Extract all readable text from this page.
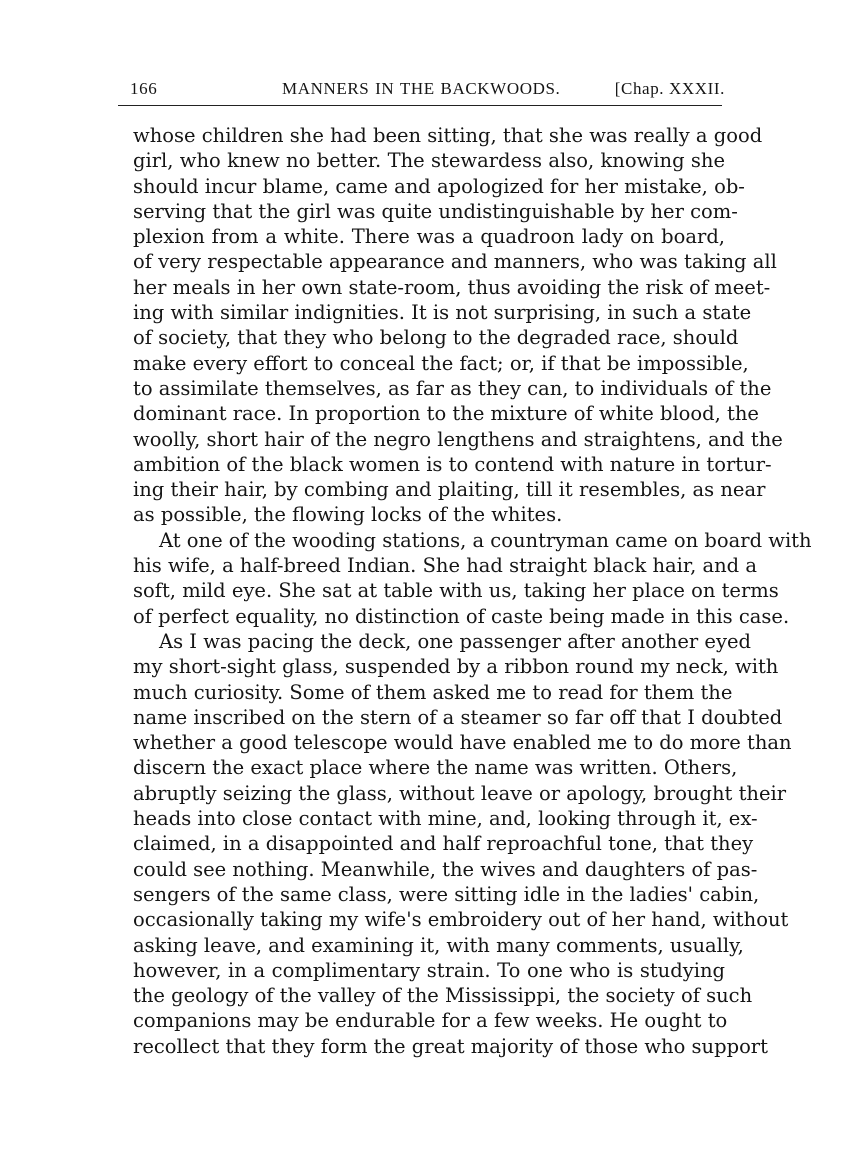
166	MANNERS IN THE BACKWOODS.	[Chap. XXXII.
whose children she had been sitting, that she was really a good
girl, who knew no better. The stewardess also, knowing she
should incur blame, came and apologized for her mistake, ob-
serving that the girl was quite undistinguishable by her com-
plexion from a white. There was a quadroon lady on board,
of very respectable appearance and manners, who was taking all
her meals in her own state-room, thus avoiding the risk of meet-
ing with similar indignities. It is not surprising, in such a state
of society, that they who belong to the degraded race, should
make every effort to conceal the fact; or, if that be impossible,
to assimilate themselves, as far as they can, to individuals of the
dominant race. In proportion to the mixture of white blood, the
woolly, short hair of the negro lengthens and straightens, and the
ambition of the black women is to contend with nature in tortur-
ing their hair, by combing and plaiting, till it resembles, as near
as possible, the flowing locks of the whites.
At one of the wooding stations, a countryman came on board with
his wife, a half-breed Indian. She had straight black hair, and a
soft, mild eye. She sat at table with us, taking her place on terms
of perfect equality, no distinction of caste being made in this case.
As I was pacing the deck, one passenger after another eyed
my short-sight glass, suspended by a ribbon round my neck, with
much curiosity. Some of them asked me to read for them the
name inscribed on the stern of a steamer so far off that I doubted
whether a good telescope would have enabled me to do more than
discern the exact place where the name was written. Others,
abruptly seizing the glass, without leave or apology, brought their
heads into close contact with mine, and, looking through it, ex-
claimed, in a disappointed and half reproachful tone, that they
could see nothing. Meanwhile, the wives and daughters of pas-
sengers of the same class, were sitting idle in the ladies' cabin,
occasionally taking my wife's embroidery out of her hand, without
asking leave, and examining it, with many comments, usually,
however, in a complimentary strain. To one who is studying
the geology of the valley of the Mississippi, the society of such
companions may be endurable for a few weeks. He ought to
recollect that they form the great majority of those who support
